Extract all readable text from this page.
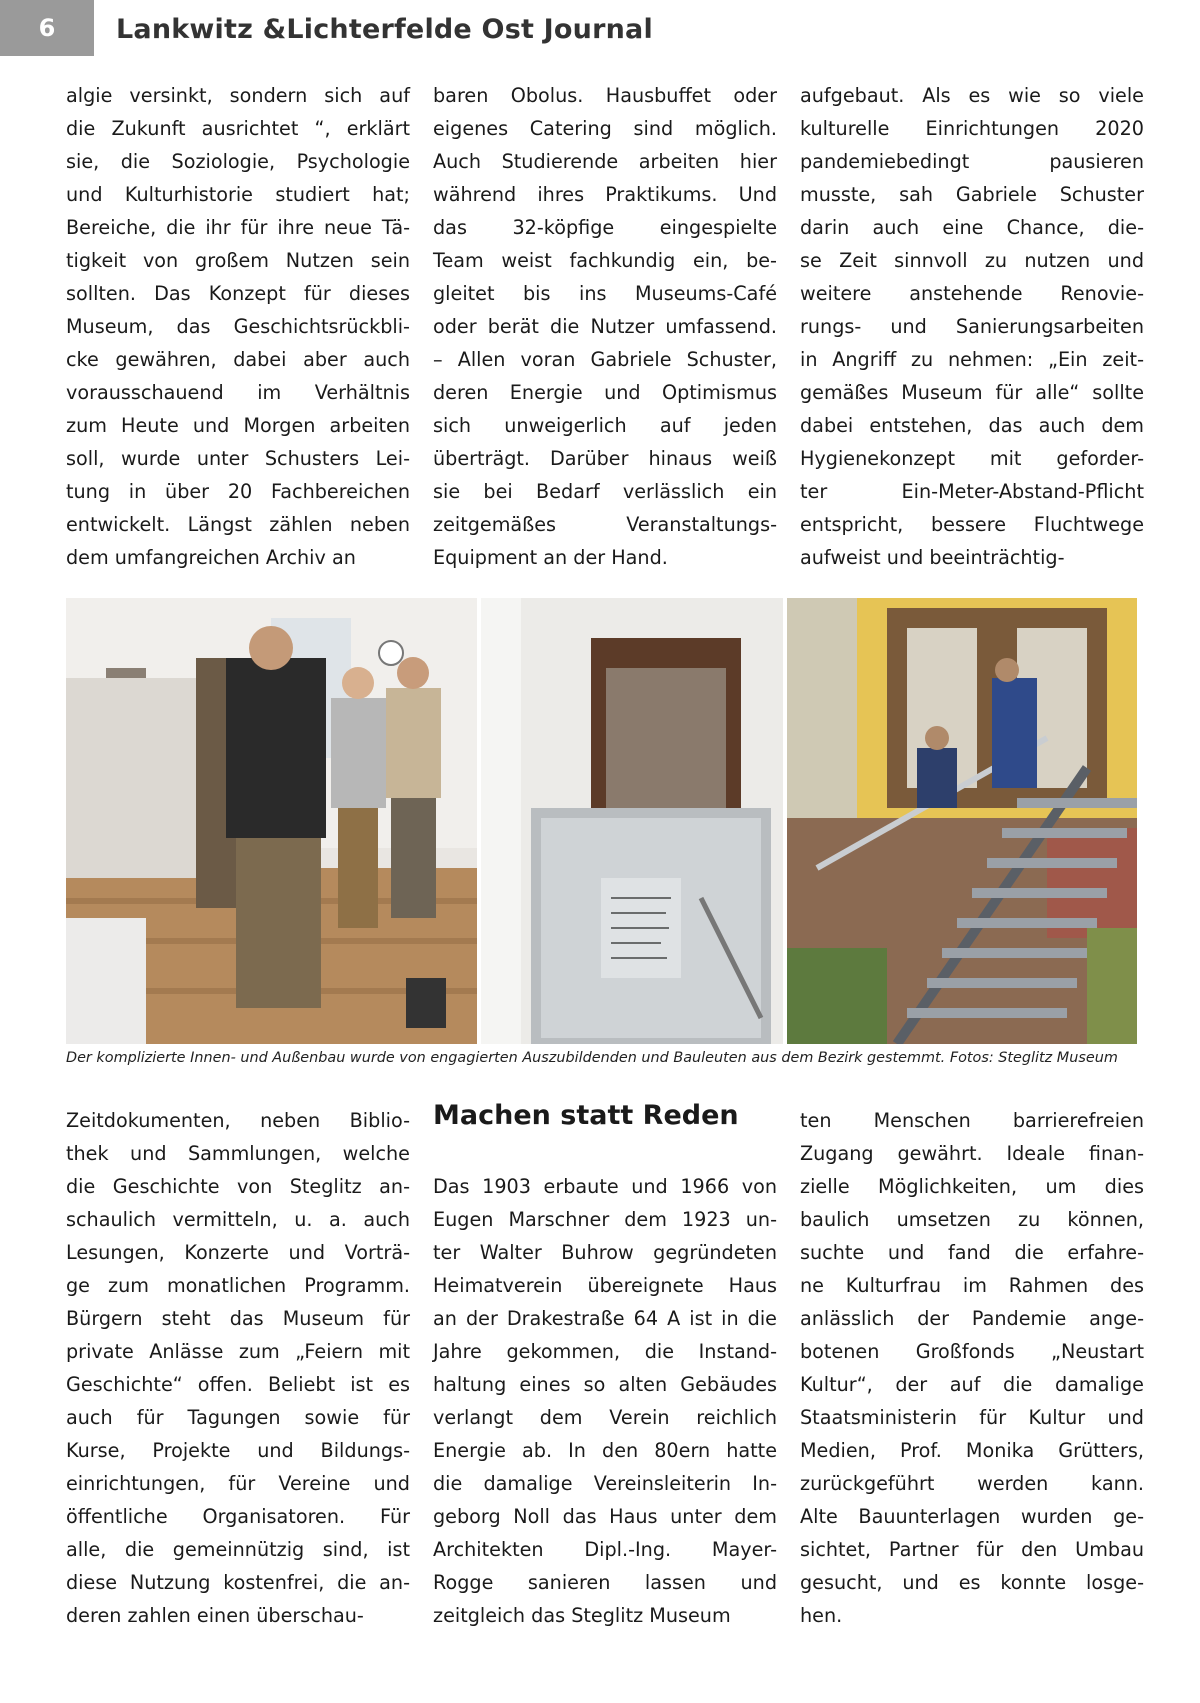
6	Lankwitz &Lichterfelde Ost Journal
algie versinkt, sondern sich auf
die Zukunft ausrichtet “, erklärt
sie, die Soziologie, Psychologie
und Kulturhistorie studiert hat;
Bereiche, die ihr für ihre neue Tä-
tigkeit von großem Nutzen sein
sollten. Das Konzept für dieses
Museum, das Geschichtsrückbli-
cke gewähren, dabei aber auch
vorausschauend im Verhältnis
zum Heute und Morgen arbeiten
soll, wurde unter Schusters Lei-
tung in über 20 Fachbereichen
entwickelt. Längst zählen neben
dem umfangreichen Archiv an
baren Obolus. Hausbuffet oder
eigenes Catering sind möglich.
Auch Studierende arbeiten hier
während ihres Praktikums. Und
das 32-köpfige eingespielte
Team weist fachkundig ein, be-
gleitet bis ins Museums-Café
oder berät die Nutzer umfassend.
– Allen voran Gabriele Schuster,
deren Energie und Optimismus
sich unweigerlich auf jeden
überträgt. Darüber hinaus weiß
sie bei Bedarf verlässlich ein
zeitgemäßes Veranstaltungs-
Equipment an der Hand.
aufgebaut. Als es wie so viele
kulturelle Einrichtungen 2020
pandemiebedingt pausieren
musste, sah Gabriele Schuster
darin auch eine Chance, die-
se Zeit sinnvoll zu nutzen und
weitere anstehende Renovie-
rungs- und Sanierungsarbeiten
in Angriff zu nehmen: „Ein zeit-
gemäßes Museum für alle“ sollte
dabei entstehen, das auch dem
Hygienekonzept mit geforder-
ter Ein-Meter-Abstand-Pflicht
entspricht, bessere Fluchtwege
aufweist und beeinträchtig-
Der komplizierte Innen- und Außenbau wurde von engagierten Auszubildenden und Bauleuten aus dem Bezirk gestemmt. Fotos: Steglitz Museum
Machen statt Reden
Zeitdokumenten, neben Biblio-
thek und Sammlungen, welche
die Geschichte von Steglitz an-
schaulich vermitteln, u. a. auch
Lesungen, Konzerte und Vorträ-
ge zum monatlichen Programm.
Bürgern steht das Museum für
private Anlässe zum „Feiern mit
Geschichte“ offen. Beliebt ist es
auch für Tagungen sowie für
Kurse, Projekte und Bildungs-
einrichtungen, für Vereine und
öffentliche Organisatoren. Für
alle, die gemeinnützig sind, ist
diese Nutzung kostenfrei, die an-
deren zahlen einen überschau-
Das 1903 erbaute und 1966 von
Eugen Marschner dem 1923 un-
ter Walter Buhrow gegründeten
Heimatverein übereignete Haus
an der Drakestraße 64 A ist in die
Jahre gekommen, die Instand-
haltung eines so alten Gebäudes
verlangt dem Verein reichlich
Energie ab. In den 80ern hatte
die damalige Vereinsleiterin In-
geborg Noll das Haus unter dem
Architekten Dipl.-Ing. Mayer-
Rogge sanieren lassen und
zeitgleich das Steglitz Museum
ten Menschen barrierefreien
Zugang gewährt. Ideale finan-
zielle Möglichkeiten, um dies
baulich umsetzen zu können,
suchte und fand die erfahre-
ne Kulturfrau im Rahmen des
anlässlich der Pandemie ange-
botenen Großfonds „Neustart
Kultur“, der auf die damalige
Staatsministerin für Kultur und
Medien, Prof. Monika Grütters,
zurückgeführt werden kann.
Alte Bauunterlagen wurden ge-
sichtet, Partner für den Umbau
gesucht, und es konnte losge-
hen.
